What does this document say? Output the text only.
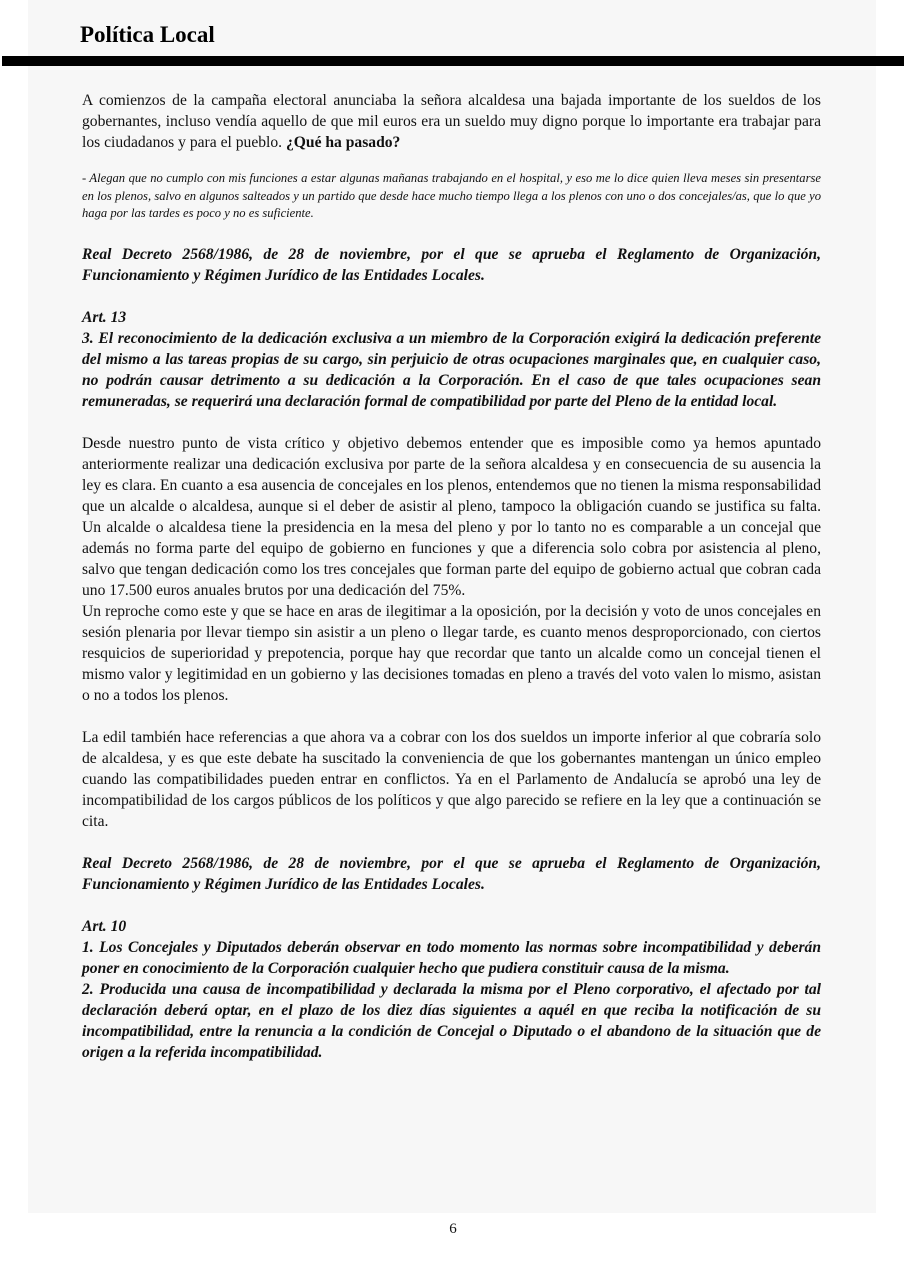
Política Local

A comienzos de la campaña electoral anunciaba la señora alcaldesa una bajada importante de los sueldos de los gobernantes, incluso vendía aquello de que mil euros era un sueldo muy digno porque lo importante era trabajar para los ciudadanos y para el pueblo. ¿Qué ha pasado?

- Alegan que no cumplo con mis funciones a estar algunas mañanas trabajando en el hospital, y eso me lo dice quien lleva meses sin presentarse en los plenos, salvo en algunos salteados y un partido que desde hace mucho tiempo llega a los plenos con uno o dos concejales/as, que lo que yo haga por las tardes es poco y no es suficiente.

Real Decreto 2568/1986, de 28 de noviembre, por el que se aprueba el Reglamento de Organización, Funcionamiento y Régimen Jurídico de las Entidades Locales.

Art. 13

3. El reconocimiento de la dedicación exclusiva a un miembro de la Corporación exigirá la dedicación preferente del mismo a las tareas propias de su cargo, sin perjuicio de otras ocupaciones marginales que, en cualquier caso, no podrán causar detrimento a su dedicación a la Corporación. En el caso de que tales ocupaciones sean remuneradas, se requerirá una declaración formal de compatibilidad por parte del Pleno de la entidad local.

Desde nuestro punto de vista crítico y objetivo debemos entender que es imposible como ya hemos apuntado anteriormente realizar una dedicación exclusiva por parte de la señora alcaldesa y en consecuencia de su ausencia la ley es clara. En cuanto a esa ausencia de concejales en los plenos, entendemos que no tienen la misma responsabilidad que un alcalde o alcaldesa, aunque si el deber de asistir al pleno, tampoco la obligación cuando se justifica su falta. Un alcalde o alcaldesa tiene la presidencia en la mesa del pleno y por lo tanto no es comparable a un concejal que además no forma parte del equipo de gobierno en funciones y que a diferencia solo cobra por asistencia al pleno, salvo que tengan dedicación como los tres concejales que forman parte del equipo de gobierno actual que cobran cada uno 17.500 euros anuales brutos por una dedicación del 75%.

Un reproche como este y que se hace en aras de ilegitimar a la oposición, por la decisión y voto de unos concejales en sesión plenaria por llevar tiempo sin asistir a un pleno o llegar tarde, es cuanto menos desproporcionado, con ciertos resquicios de superioridad y prepotencia, porque hay que recordar que tanto un alcalde como un concejal tienen el mismo valor y legitimidad en un gobierno y las decisiones tomadas en pleno a través del voto valen lo mismo, asistan o no a todos los plenos.

La edil también hace referencias a que ahora va a cobrar con los dos sueldos un importe inferior al que cobraría solo de alcaldesa, y es que este debate ha suscitado la conveniencia de que los gobernantes mantengan un único empleo cuando las compatibilidades pueden entrar en conflictos. Ya en el Parlamento de Andalucía se aprobó una ley de incompatibilidad de los cargos públicos de los políticos y que algo parecido se refiere en la ley que a continuación se cita.

Real Decreto 2568/1986, de 28 de noviembre, por el que se aprueba el Reglamento de Organización, Funcionamiento y Régimen Jurídico de las Entidades Locales.

Art. 10

1. Los Concejales y Diputados deberán observar en todo momento las normas sobre incompatibilidad y deberán poner en conocimiento de la Corporación cualquier hecho que pudiera constituir causa de la misma.

2. Producida una causa de incompatibilidad y declarada la misma por el Pleno corporativo, el afectado por tal declaración deberá optar, en el plazo de los diez días siguientes a aquél en que reciba la notificación de su incompatibilidad, entre la renuncia a la condición de Concejal o Diputado o el abandono de la situación que de origen a la referida incompatibilidad.

6
